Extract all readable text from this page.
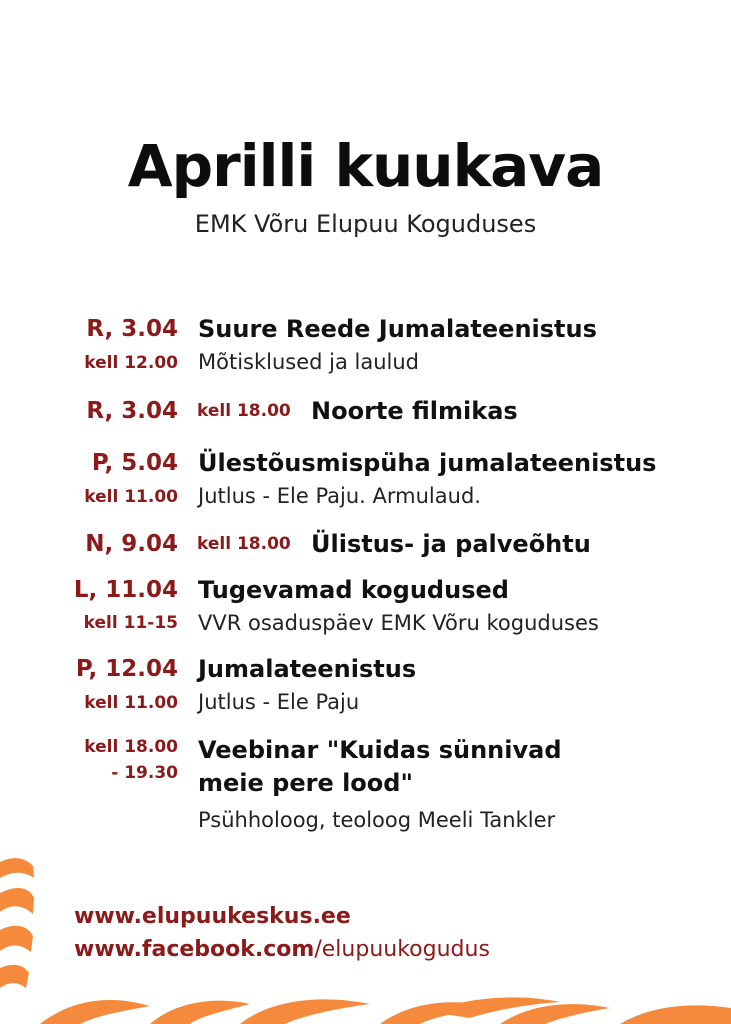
Aprilli kuukava
EMK Võru Elupuu Koguduses
R, 3.04 Suure Reede Jumalateenistus
kell 12.00 Mõtisklused ja laulud
R, 3.04 kell 18.00 Noorte filmikas
P, 5.04 Ülestõusmispüha jumalateenistus
kell 11.00 Jutlus - Ele Paju. Armulaud.
N, 9.04 kell 18.00 Ülistus- ja palveõhtu
L, 11.04 Tugevamad kogudused
kell 11-15 VVR osaduspäev EMK Võru koguduses
P, 12.04 Jumalateenistus
kell 11.00 Jutlus - Ele Paju
kell 18.00
- 19.30
Veebinar "Kuidas sünnivad
meie pere lood"
Psühholoog, teoloog Meeli Tankler
www.elupuukeskus.ee
www.facebook.com/elupuukogudus
